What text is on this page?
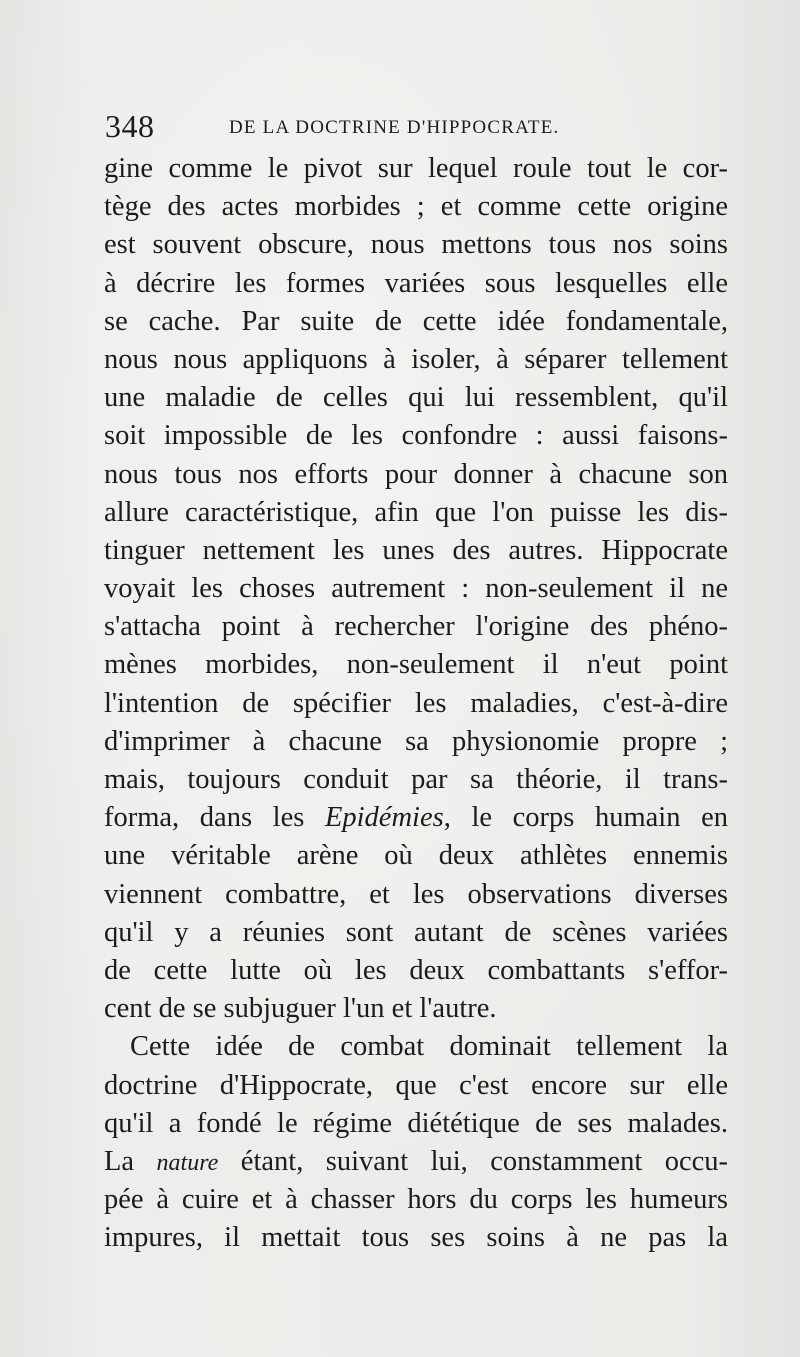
348	DE LA DOCTRINE D'HIPPOCRATE.
gine comme le pivot sur lequel roule tout le cor-
tège des actes morbides ; et comme cette origine
est souvent obscure, nous mettons tous nos soins
à décrire les formes variées sous lesquelles elle
se cache. Par suite de cette idée fondamentale,
nous nous appliquons à isoler, à séparer tellement
une maladie de celles qui lui ressemblent, qu'il
soit impossible de les confondre : aussi faisons-
nous tous nos efforts pour donner à chacune son
allure caractéristique, afin que l'on puisse les dis-
tinguer nettement les unes des autres. Hippocrate
voyait les choses autrement : non-seulement il ne
s'attacha point à rechercher l'origine des phéno-
mènes morbides, non-seulement il n'eut point
l'intention de spécifier les maladies, c'est-à-dire
d'imprimer à chacune sa physionomie propre ;
mais, toujours conduit par sa théorie, il trans-
forma, dans les Epidémies, le corps humain en
une véritable arène où deux athlètes ennemis
viennent combattre, et les observations diverses
qu'il y a réunies sont autant de scènes variées
de cette lutte où les deux combattants s'effor-
cent de se subjuguer l'un et l'autre.
Cette idée de combat dominait tellement la
doctrine d'Hippocrate, que c'est encore sur elle
qu'il a fondé le régime diététique de ses malades.
La nature étant, suivant lui, constamment occu-
pée à cuire et à chasser hors du corps les humeurs
impures, il mettait tous ses soins à ne pas la
